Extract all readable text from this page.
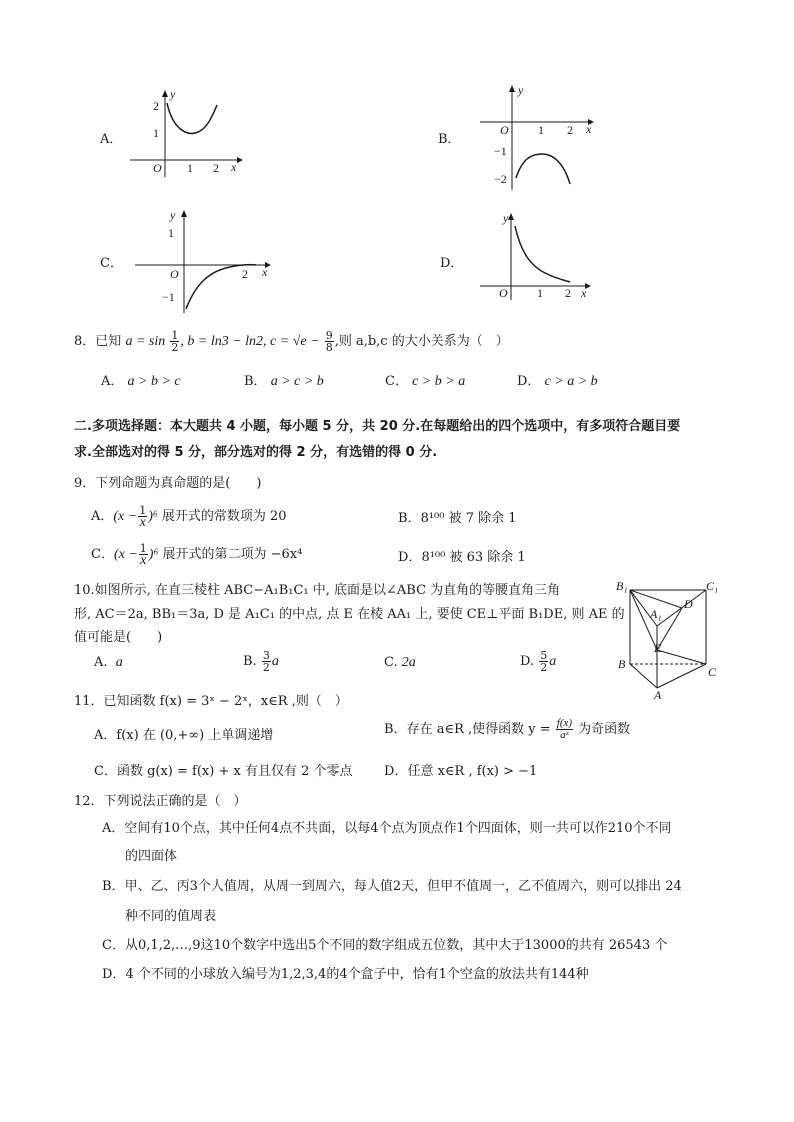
A．
y
x
O
2
1
1 2
B．
y
x
O
−1
−2
1 2
C．
y
x
O
1
−1
2
D．
y
x
O 1 2
8．已知 $a = \sin \frac{1}{2}$ , b = ln3 − ln2, $c = √e - \frac{9}{8}$ ,则 a,b,c 的大小关系为（　）
A． a > b > c	B． a > c > b	C． c > b > a	D． c > a > b
二.多项选择题：本大题共 4 小题，每小题 5 分，共 20 分.在每题给出的四个选项中，有多项符合题目要
求.全部选对的得 5 分，部分选对的得 2 分，有选错的得 0 分.
9．下列命题为真命题的是(　　)
A．$(x - \frac{1}{x} )^6$ 展开式的常数项为 20	B．8¹⁰⁰ 被 7 除余 1
C．$(x - \frac{1}{x} )^6$ 展开式的第二项为 −6x⁴	D．8¹⁰⁰ 被 63 除余 1
10.如图所示, 在直三棱柱 ABC−A₁B₁C₁ 中, 底面是以∠ABC 为直角的等腰直角三角
形, AC＝2a, BB₁＝3a, D 是 A₁C₁ 的中点, 点 E 在棱 AA₁ 上, 要使 CE⊥平面 B₁DE, 则 AE 的
值可能是(　　)
A. a	B. $\frac{3}{2}$ a	C. 2a	D. $\frac{5}{2}$ a
B₁	C₁
A₁
D
E
B
C
A
11．已知函数 f(x) = 3ˣ − 2ˣ，x∈R ,则（　）
A．f(x) 在 (0,+∞) 上单调递增	B．存在 a∈R ,使得函数 $y = \frac{f(x)}{\text{aˣ}}$ 为奇函数
C．函数 g(x) = f(x) + x 有且仅有 2 个零点 D．任意 x∈R , f(x) > −1
12．下列说法正确的是（　）
A．空间有10个点，其中任何4点不共面，以每4个点为顶点作1个四面体，则一共可以作210个不同
的四面体
B．甲、乙、丙3个人值周，从周一到周六，每人值2天，但甲不值周一，乙不值周六，则可以排出 24
种不同的值周表
C．从0,1,2,…,9这10个数字中选出5个不同的数字组成五位数，其中大于13000的共有 26543 个
D．4 个不同的小球放入编号为1,2,3,4的4个盒子中，恰有1个空盒的放法共有144种
